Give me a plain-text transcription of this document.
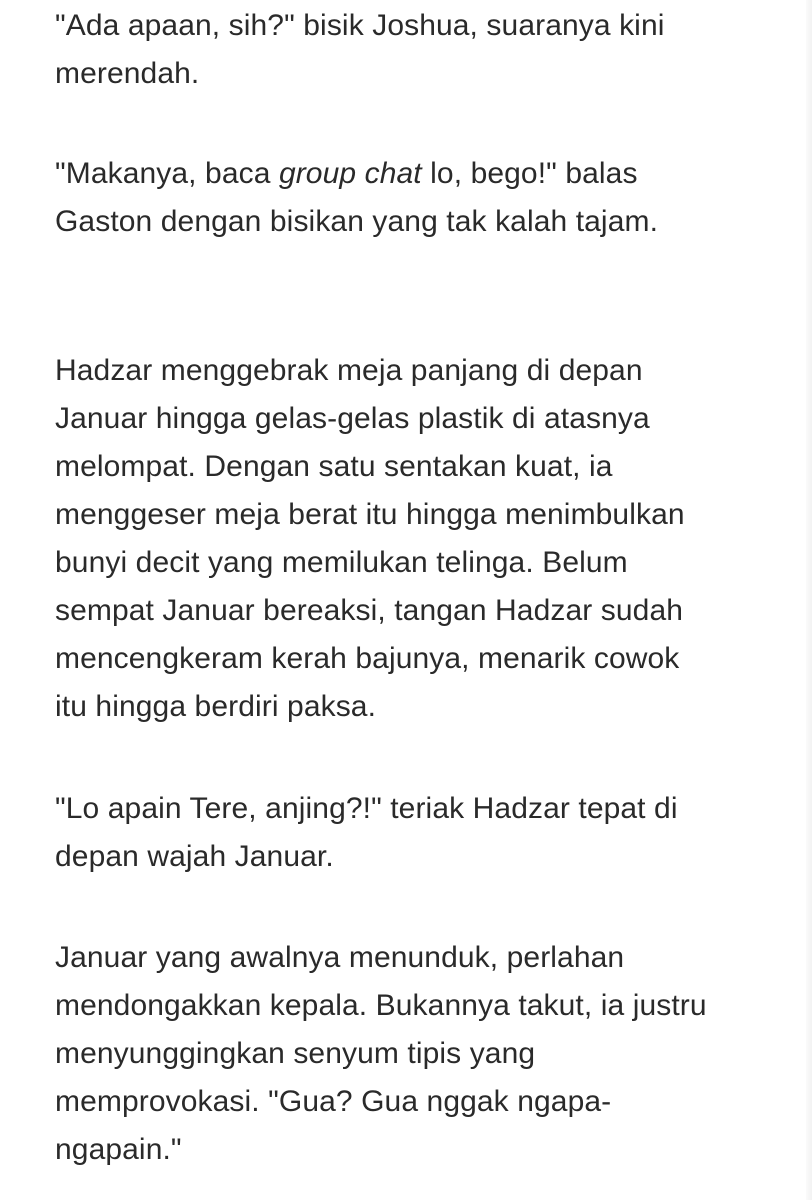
"Ada apaan, sih?" bisik Joshua, suaranya kini
merendah.

"Makanya, baca group chat lo, bego!" balas
Gaston dengan bisikan yang tak kalah tajam.

Hadzar menggebrak meja panjang di depan
Januar hingga gelas-gelas plastik di atasnya
melompat. Dengan satu sentakan kuat, ia
menggeser meja berat itu hingga menimbulkan
bunyi decit yang memilukan telinga. Belum
sempat Januar bereaksi, tangan Hadzar sudah
mencengkeram kerah bajunya, menarik cowok
itu hingga berdiri paksa.

"Lo apain Tere, anjing?!" teriak Hadzar tepat di
depan wajah Januar.

Januar yang awalnya menunduk, perlahan
mendongakkan kepala. Bukannya takut, ia justru
menyunggingkan senyum tipis yang
memprovokasi. "Gua? Gua nggak ngapa-
ngapain."
